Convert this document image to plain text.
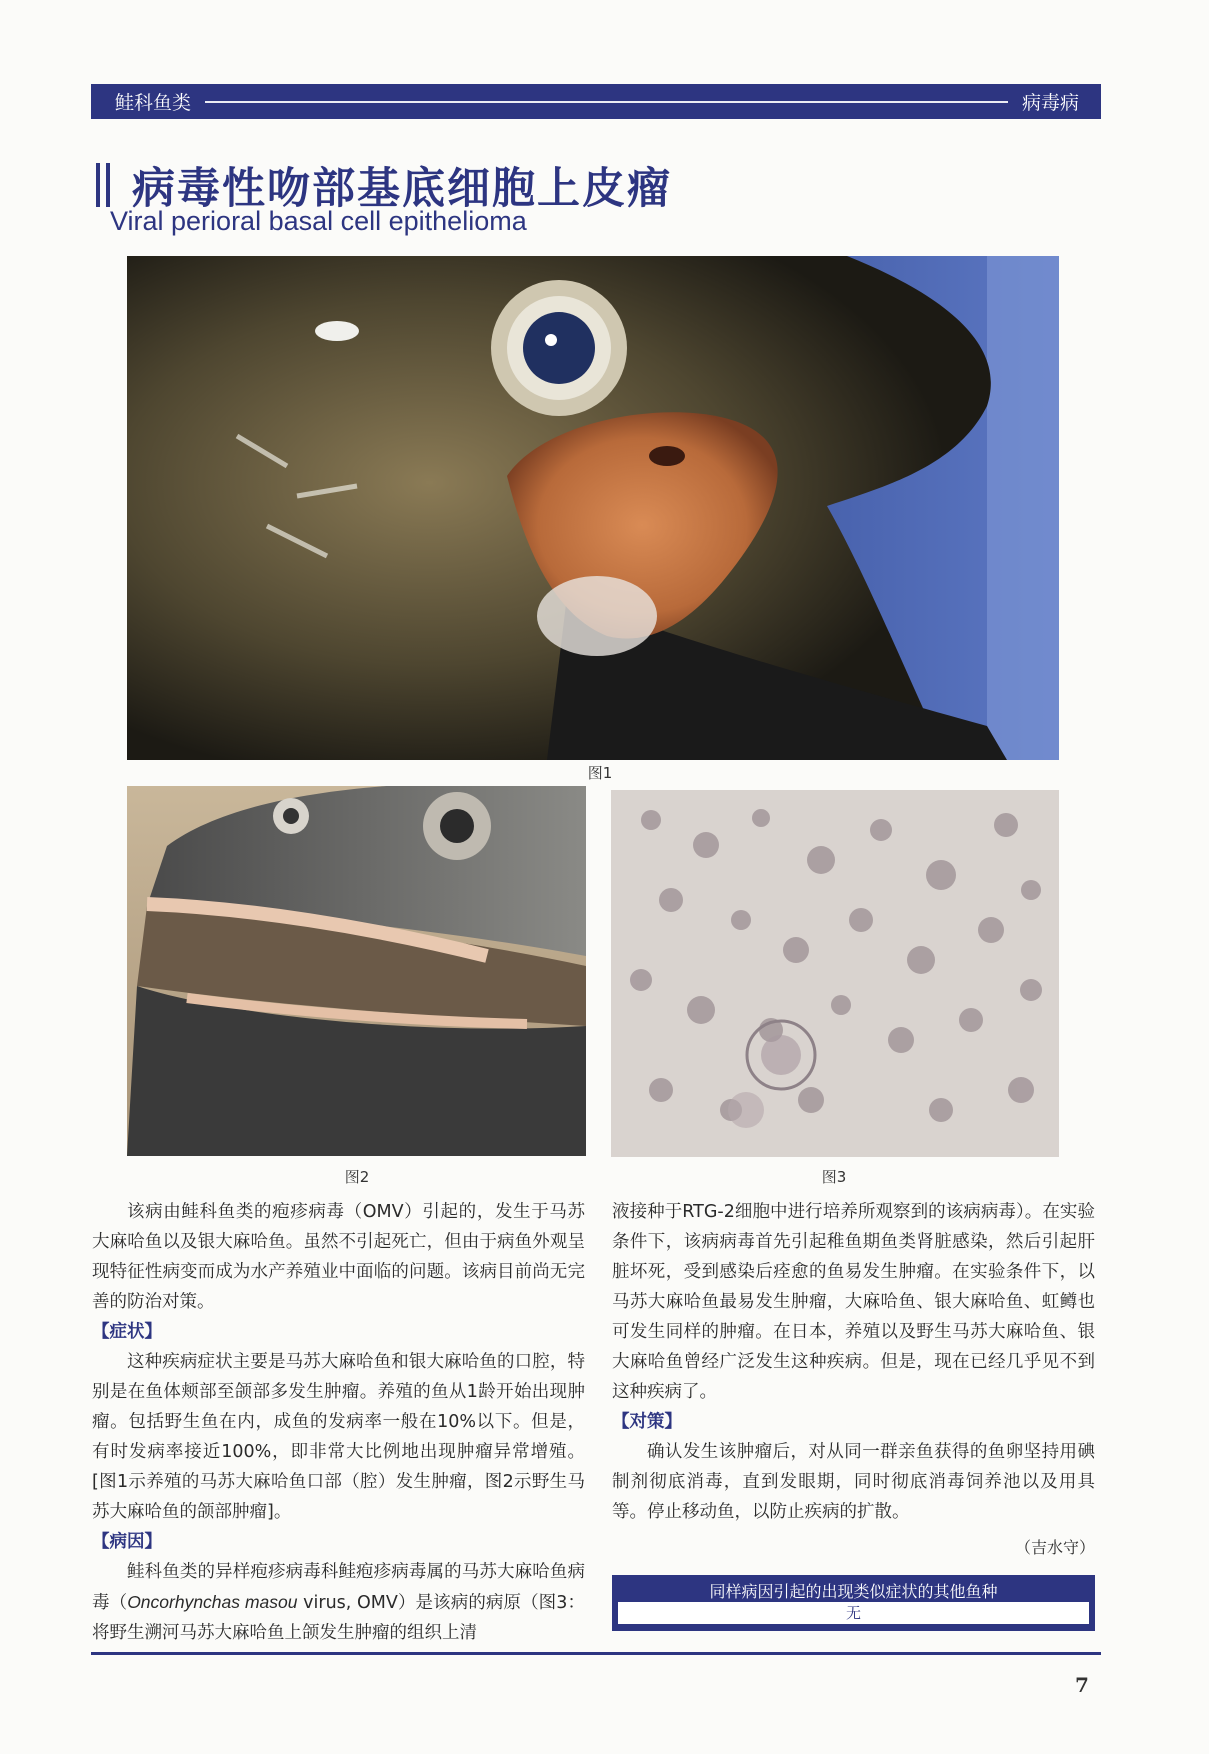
鲑科鱼类	病毒病
病毒性吻部基底细胞上皮瘤
Viral perioral basal cell epithelioma
图1
图2	图3

该病由鲑科鱼类的疱疹病毒（OMV）引起的，发生于马苏大麻哈鱼以及银大麻哈鱼。虽然不引起死亡，但由于病鱼外观呈现特征性病变而成为水产养殖业中面临的问题。该病目前尚无完善的防治对策。

【症状】

这种疾病症状主要是马苏大麻哈鱼和银大麻哈鱼的口腔，特别是在鱼体颊部至颌部多发生肿瘤。养殖的鱼从1龄开始出现肿瘤。包括野生鱼在内，成鱼的发病率一般在10%以下。但是，有时发病率接近100%，即非常大比例地出现肿瘤异常增殖。[图1示养殖的马苏大麻哈鱼口部（腔）发生肿瘤，图2示野生马苏大麻哈鱼的颌部肿瘤]。

【病因】

鲑科鱼类的异样疱疹病毒科鲑疱疹病毒属的马苏大麻哈鱼病毒（Oncorhynchas masou virus, OMV）是该病的病原（图3：将野生溯河马苏大麻哈鱼上颌发生肿瘤的组织上清

液接种于RTG-2细胞中进行培养所观察到的该病病毒）。在实验条件下，该病病毒首先引起稚鱼期鱼类肾脏感染，然后引起肝脏坏死，受到感染后痊愈的鱼易发生肿瘤。在实验条件下，以马苏大麻哈鱼最易发生肿瘤，大麻哈鱼、银大麻哈鱼、虹鳟也可发生同样的肿瘤。在日本，养殖以及野生马苏大麻哈鱼、银大麻哈鱼曾经广泛发生这种疾病。但是，现在已经几乎见不到这种疾病了。

【对策】

确认发生该肿瘤后，对从同一群亲鱼获得的鱼卵坚持用碘制剂彻底消毒，直到发眼期，同时彻底消毒饲养池以及用具等。停止移动鱼，以防止疾病的扩散。

（吉水守）
同样病因引起的出现类似症状的其他鱼种
无
7
